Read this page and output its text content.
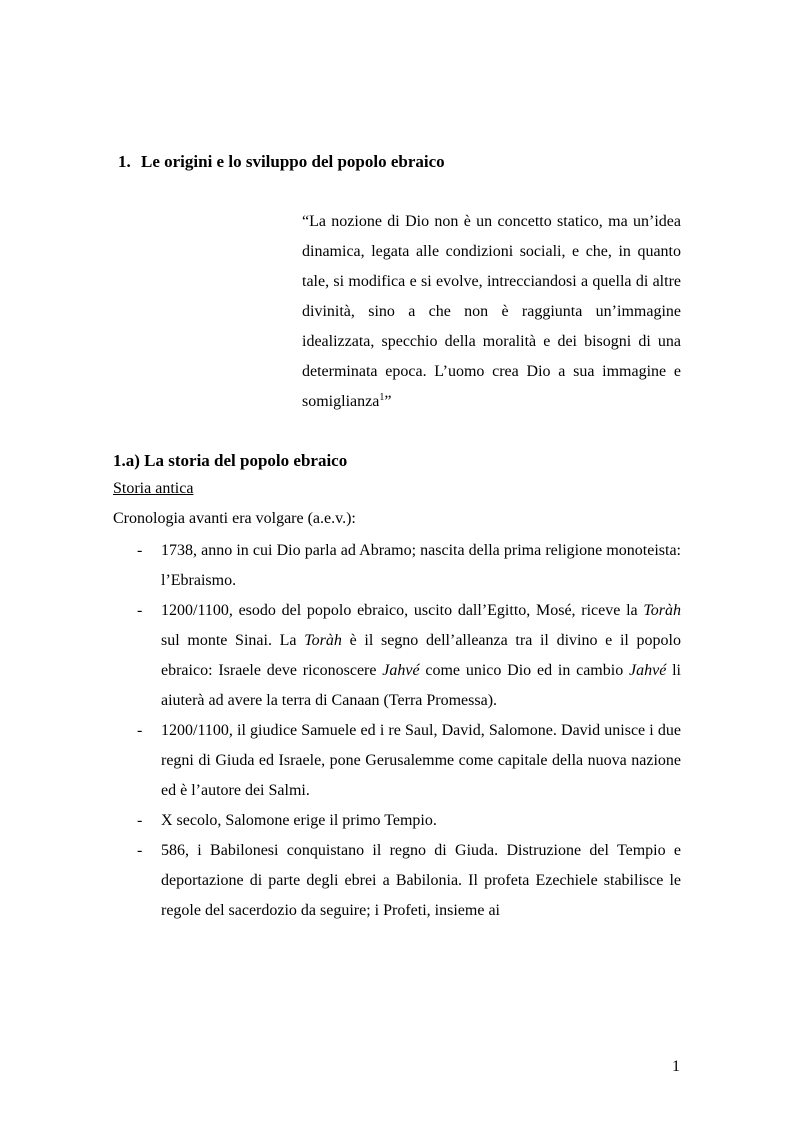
1. Le origini e lo sviluppo del popolo ebraico
“La nozione di Dio non è un concetto statico, ma un’idea dinamica, legata alle condizioni sociali, e che, in quanto tale, si modifica e si evolve, intrecciandosi a quella di altre divinità, sino a che non è raggiunta un’immagine idealizzata, specchio della moralità e dei bisogni di una determinata epoca. L’uomo crea Dio a sua immagine e somiglianza$^1$”
1.a) La storia del popolo ebraico
Storia antica
Cronologia avanti era volgare (a.e.v.):
- 1738, anno in cui Dio parla ad Abramo; nascita della prima religione monoteista: l’Ebraismo.
- 1200/1100, esodo del popolo ebraico, uscito dall’Egitto, Mosé, riceve la Toràh sul monte Sinai. La Toràh è il segno dell’alleanza tra il divino e il popolo ebraico: Israele deve riconoscere Jahvé come unico Dio ed in cambio Jahvé li aiuterà ad avere la terra di Canaan (Terra Promessa).
- 1200/1100, il giudice Samuele ed i re Saul, David, Salomone. David unisce i due regni di Giuda ed Israele, pone Gerusalemme come capitale della nuova nazione ed è l’autore dei Salmi.
- X secolo, Salomone erige il primo Tempio.
- 586, i Babilonesi conquistano il regno di Giuda. Distruzione del Tempio e deportazione di parte degli ebrei a Babilonia. Il profeta Ezechiele stabilisce le regole del sacerdozio da seguire; i Profeti, insieme ai
1
